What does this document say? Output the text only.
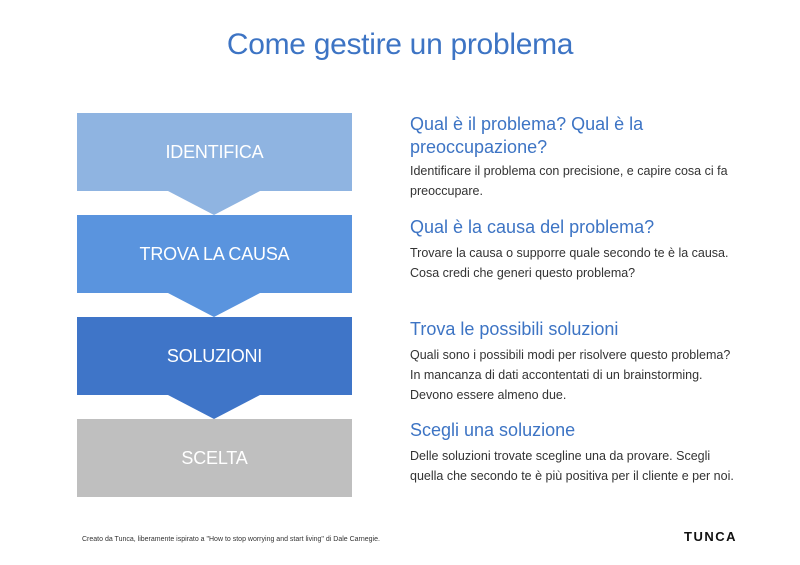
Come gestire un problema
IDENTIFICA
TROVA LA CAUSA
SOLUZIONI
SCELTA
Qual è il problema? Qual è la preoccupazione?
Identificare il problema con precisione, e capire cosa ci fa preoccupare.
Qual è la causa del problema?
Trovare la causa o supporre quale secondo te è la causa. Cosa credi che generi questo problema?
Trova le possibili soluzioni
Quali sono i possibili modi per risolvere questo problema? In mancanza di dati accontentati di un brainstorming. Devono essere almeno due.
Scegli una soluzione
Delle soluzioni trovate scegline una da provare. Scegli quella che secondo te è più positiva per il cliente e per noi.
Creato da Tunca, liberamente ispirato a "How to stop worrying and start living" di Dale Carnegie.	TUNCA
